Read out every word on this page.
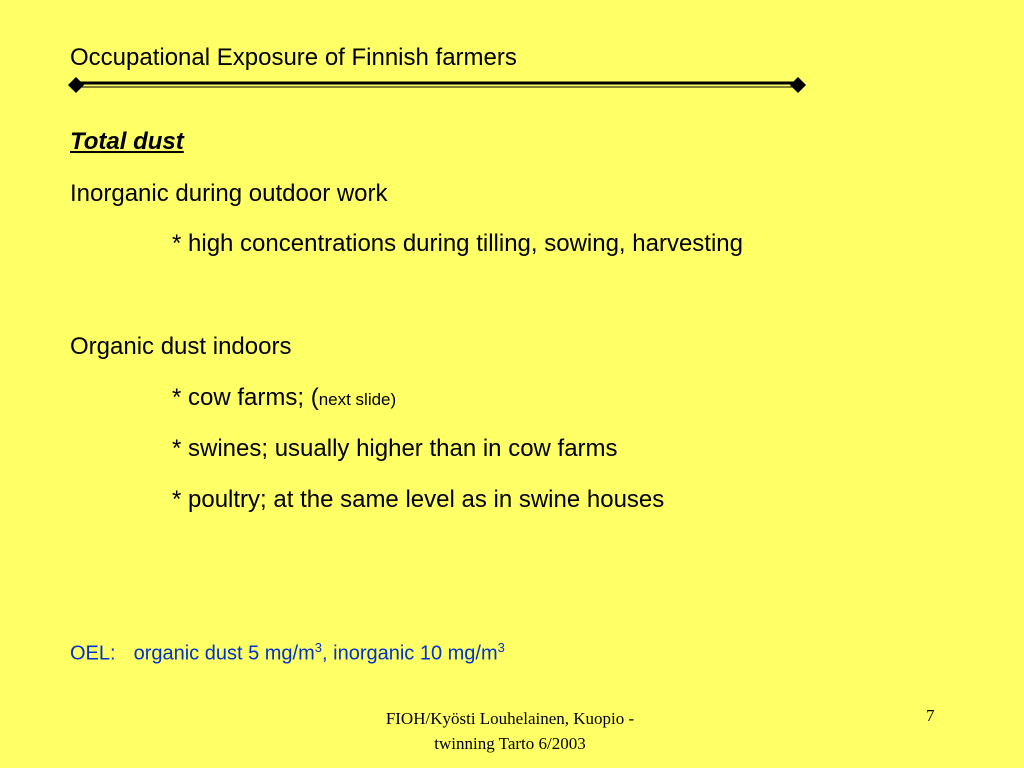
Occupational Exposure of Finnish farmers
Total dust
Inorganic during outdoor work
* high concentrations during tilling, sowing, harvesting
Organic dust indoors
* cow farms; (next slide)
* swines; usually higher than in cow farms
* poultry; at the same level as in swine houses
OEL: organic dust 5 $mg/m^3$, inorganic 10 $mg/m^3$
FIOH/Kyösti Louhelainen, Kuopio -
twinning Tarto 6/2003
7
